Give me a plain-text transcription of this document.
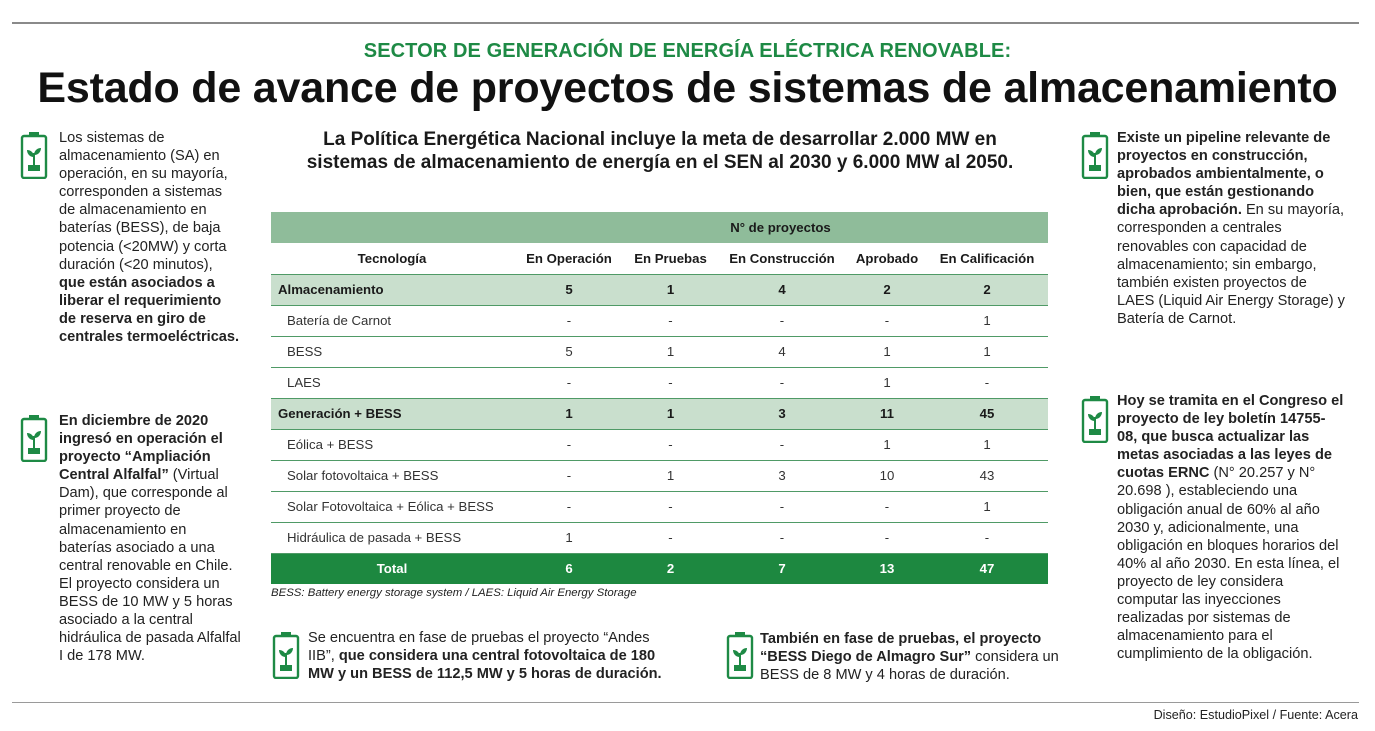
SECTOR DE GENERACIÓN DE ENERGÍA ELÉCTRICA RENOVABLE:
Estado de avance de proyectos de sistemas de almacenamiento
Los sistemas de almacenamiento (SA) en operación, en su mayoría, corresponden a sistemas de almacenamiento en baterías (BESS), de baja potencia (<20MW) y corta duración (<20 minutos), que están asociados a liberar el requerimiento de reserva en giro de centrales termoeléctricas.
En diciembre de 2020 ingresó en operación el proyecto “Ampliación Central Alfalfal” (Virtual Dam), que corresponde al primer proyecto de almacenamiento en baterías asociado a una central renovable en Chile. El proyecto considera un BESS de 10 MW y 5 horas asociado a la central hidráulica de pasada Alfalfal I de 178 MW.
La Política Energética Nacional incluye la meta de desarrollar 2.000 MW en sistemas de almacenamiento de energía en el SEN al 2030 y 6.000 MW al 2050.
	N° de proyectos				
Tecnología	En Operación	En Pruebas	En Construcción	Aprobado	En Calificación
Almacenamiento	5	1	4	2	2
Batería de Carnot	-	-	-	-	1
BESS	5	1	4	1	1
LAES	-	-	-	1	-
Generación + BESS	1	1	3	11	45
Eólica + BESS	-	-	-	1	1
Solar fotovoltaica + BESS	-	1	3	10	43
Solar Fotovoltaica + Eólica + BESS	-	-	-	-	1
Hidráulica de pasada + BESS	1	-	-	-	-
Total	6	2	7	13	47
BESS: Battery energy storage system / LAES: Liquid Air Energy Storage
Se encuentra en fase de pruebas el proyecto “Andes IIB”, que considera una central fotovoltaica de 180 MW y un BESS de 112,5 MW y 5 horas de duración.
También en fase de pruebas, el proyecto “BESS Diego de Almagro Sur” considera un BESS de 8 MW y 4 horas de duración.
Existe un pipeline relevante de proyectos en construcción, aprobados ambientalmente, o bien, que están gestionando dicha aprobación. En su mayoría, corresponden a centrales renovables con capacidad de almacenamiento; sin embargo, también existen proyectos de LAES (Liquid Air Energy Storage) y Batería de Carnot.
Hoy se tramita en el Congreso el proyecto de ley boletín 14755-08, que busca actualizar las metas asociadas a las leyes de cuotas ERNC (N° 20.257 y N° 20.698 ), estableciendo una obligación anual de 60% al año 2030 y, adicionalmente, una obligación en bloques horarios del 40% al año 2030. En esta línea, el proyecto de ley considera computar las inyecciones realizadas por sistemas de almacenamiento para el cumplimiento de la obligación.
Diseño: EstudioPixel / Fuente: Acera
